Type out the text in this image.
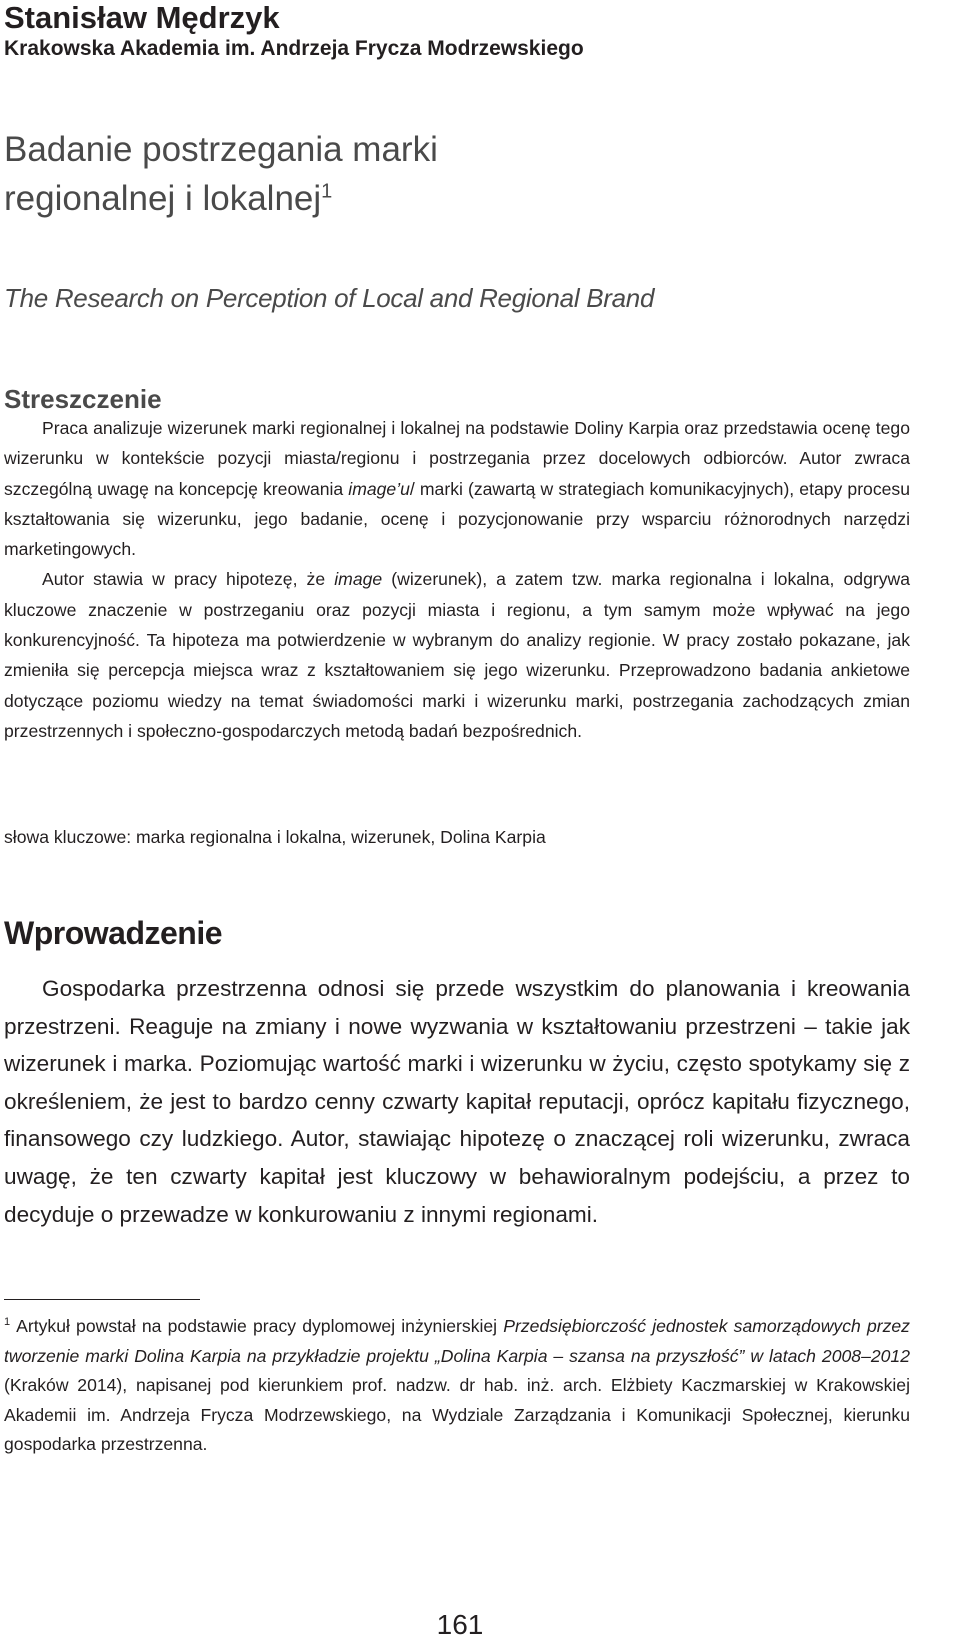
Stanisław Mędrzyk
Krakowska Akademia im. Andrzeja Frycza Modrzewskiego
Badanie postrzegania marki
regionalnej i lokalnej$^1$
The Research on Perception of Local and Regional Brand
Streszczenie

Praca analizuje wizerunek marki regionalnej i lokalnej na podstawie Doliny Karpia oraz przedstawia ocenę tego wizerunku w kontekście pozycji miasta/regionu i postrzegania przez docelowych odbiorców. Autor zwraca szczególną uwagę na koncepcję kreowania image’u/ marki (zawartą w strategiach komunikacyjnych), etapy procesu kształtowania się wizerunku, jego badanie, ocenę i pozycjonowanie przy wsparciu różnorodnych narzędzi marketingowych.

Autor stawia w pracy hipotezę, że image (wizerunek), a zatem tzw. marka regionalna i lokalna, odgrywa kluczowe znaczenie w postrzeganiu oraz pozycji miasta i regionu, a tym samym może wpływać na jego konkurencyjność. Ta hipoteza ma potwierdzenie w wybranym do analizy regionie. W pracy zostało pokazane, jak zmieniła się percepcja miejsca wraz z kształtowaniem się jego wizerunku. Przeprowadzono badania ankietowe dotyczące poziomu wiedzy na temat świadomości marki i wizerunku marki, postrzegania zachodzących zmian przestrzennych i społeczno-gospodarczych metodą badań bezpośrednich.

słowa kluczowe: marka regionalna i lokalna, wizerunek, Dolina Karpia
Wprowadzenie

Gospodarka przestrzenna odnosi się przede wszystkim do planowania i kreowania przestrzeni. Reaguje na zmiany i nowe wyzwania w kształtowaniu przestrzeni – takie jak wizerunek i marka. Poziomując wartość marki i wizerunku w życiu, często spotykamy się z określeniem, że jest to bardzo cenny czwarty kapitał reputacji, oprócz kapitału fizycznego, finansowego czy ludzkiego. Autor, stawiając hipotezę o znaczącej roli wizerunku, zwraca uwagę, że ten czwarty kapitał jest kluczowy w behawioralnym podejściu, a przez to decyduje o przewadze w konkurowaniu z innymi regionami.

$^1$ Artykuł powstał na podstawie pracy dyplomowej inżynierskiej Przedsiębiorczość jednostek samorządowych przez tworzenie marki Dolina Karpia na przykładzie projektu „Dolina Karpia – szansa na przyszłość” w latach 2008–2012 (Kraków 2014), napisanej pod kierunkiem prof. nadzw. dr hab. inż. arch. Elżbiety Kaczmarskiej w Krakowskiej Akademii im. Andrzeja Frycza Modrzewskiego, na Wydziale Zarządzania i Komunikacji Społecznej, kierunku gospodarka przestrzenna.
161
